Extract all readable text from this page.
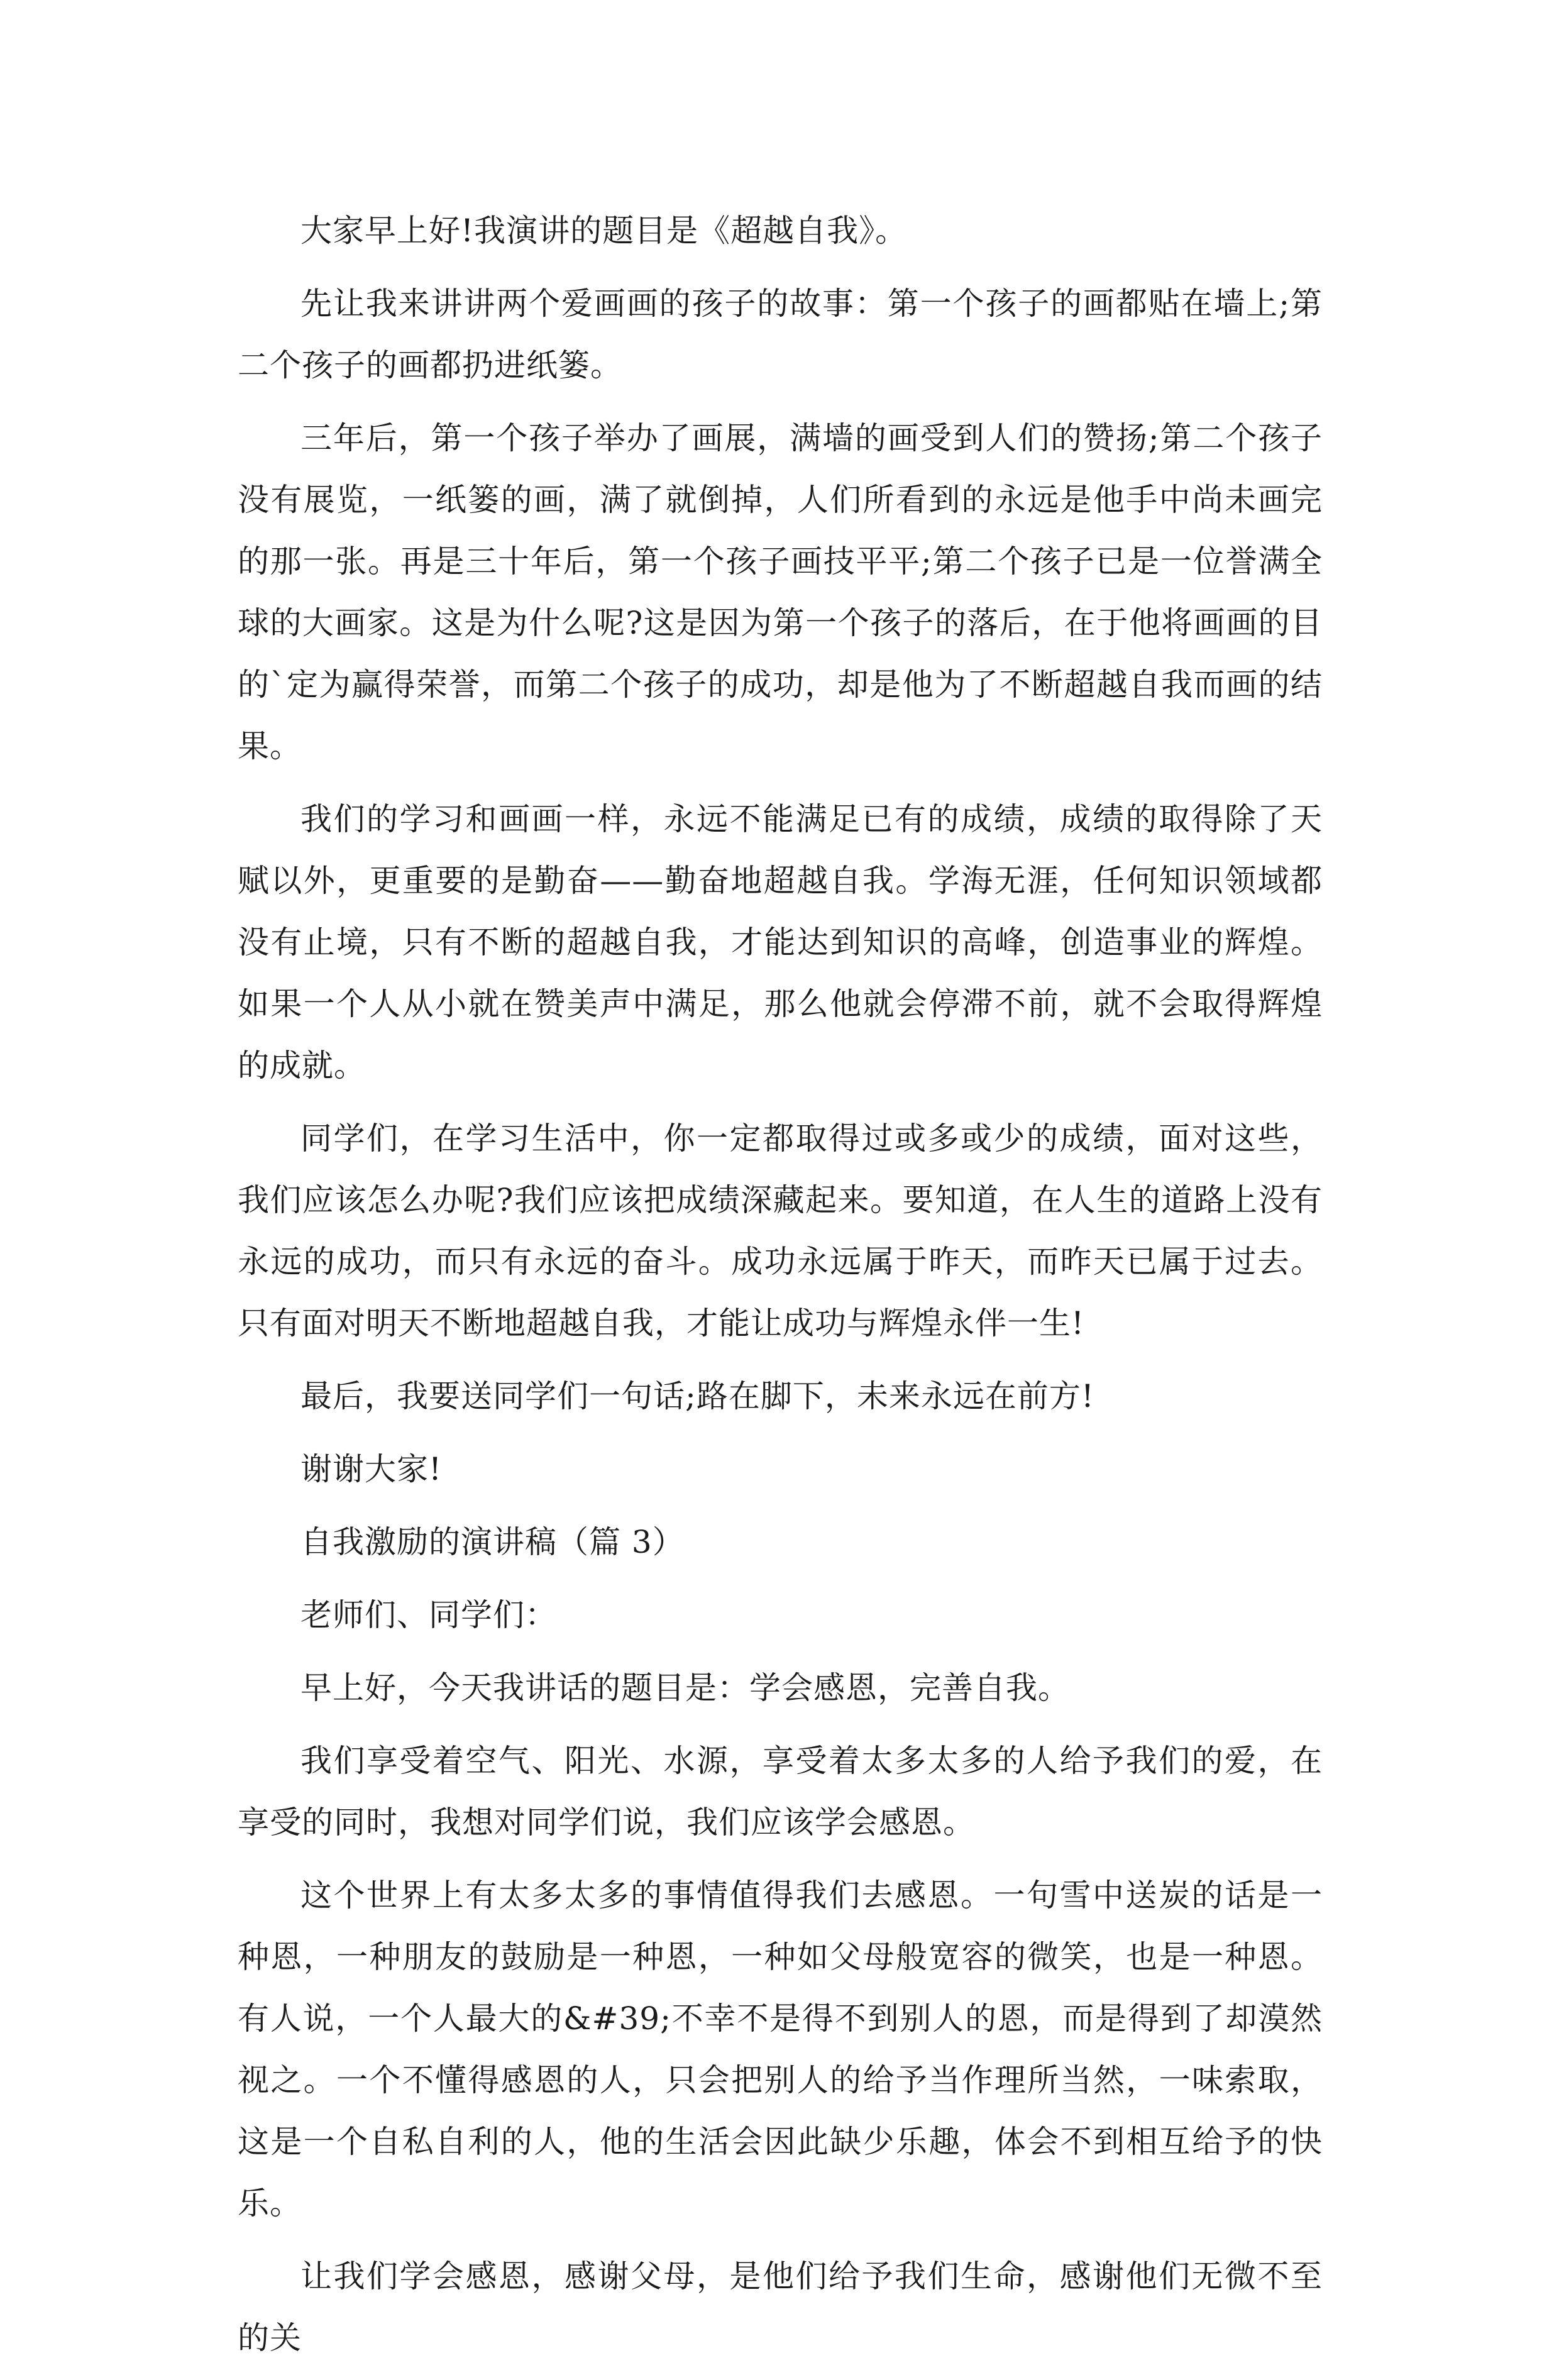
大家早上好!我演讲的题目是《超越自我》。

先让我来讲讲两个爱画画的孩子的故事：第一个孩子的画都贴在墙上;第二个孩子的画都扔进纸篓。

三年后，第一个孩子举办了画展，满墙的画受到人们的赞扬;第二个孩子没有展览，一纸篓的画，满了就倒掉，人们所看到的永远是他手中尚未画完的那一张。再是三十年后，第一个孩子画技平平;第二个孩子已是一位誉满全球的大画家。这是为什么呢?这是因为第一个孩子的落后，在于他将画画的目的`定为赢得荣誉，而第二个孩子的成功，却是他为了不断超越自我而画的结果。

我们的学习和画画一样，永远不能满足已有的成绩，成绩的取得除了天赋以外，更重要的是勤奋——勤奋地超越自我。学海无涯，任何知识领域都没有止境，只有不断的超越自我，才能达到知识的高峰，创造事业的辉煌。如果一个人从小就在赞美声中满足，那么他就会停滞不前，就不会取得辉煌的成就。

同学们，在学习生活中，你一定都取得过或多或少的成绩，面对这些，我们应该怎么办呢?我们应该把成绩深藏起来。要知道，在人生的道路上没有永远的成功，而只有永远的奋斗。成功永远属于昨天，而昨天已属于过去。只有面对明天不断地超越自我，才能让成功与辉煌永伴一生!

最后，我要送同学们一句话;路在脚下，未来永远在前方!

谢谢大家!

自我激励的演讲稿（篇 3）

老师们、同学们：

早上好，今天我讲话的题目是：学会感恩，完善自我。

我们享受着空气、阳光、水源，享受着太多太多的人给予我们的爱，在享受的同时，我想对同学们说，我们应该学会感恩。

这个世界上有太多太多的事情值得我们去感恩。一句雪中送炭的话是一种恩，一种朋友的鼓励是一种恩，一种如父母般宽容的微笑，也是一种恩。有人说，一个人最大的&#39;不幸不是得不到别人的恩，而是得到了却漠然视之。一个不懂得感恩的人，只会把别人的给予当作理所当然，一味索取，这是一个自私自利的人，他的生活会因此缺少乐趣，体会不到相互给予的快乐。

让我们学会感恩，感谢父母，是他们给予我们生命，感谢他们无微不至的关
